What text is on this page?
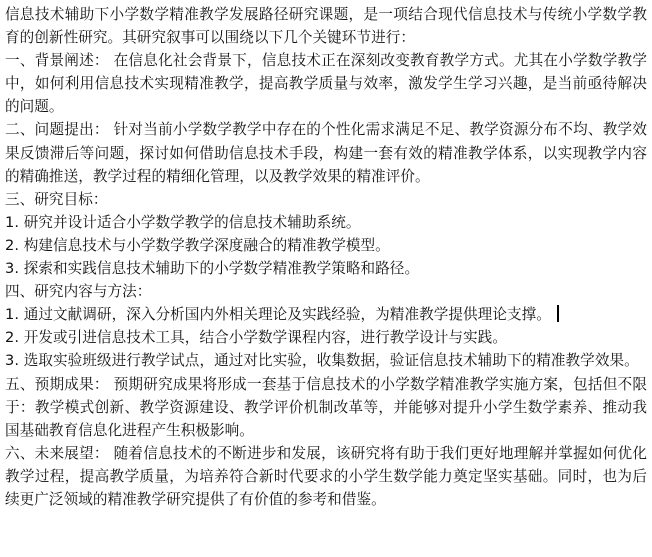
信息技术辅助下小学数学精准教学发展路径研究课题，是一项结合现代信息技术与传统小学数学教育的创新性研究。其研究叙事可以围绕以下几个关键环节进行：

一、背景阐述： 在信息化社会背景下，信息技术正在深刻改变教育教学方式。尤其在小学数学教学中，如何利用信息技术实现精准教学，提高教学质量与效率，激发学生学习兴趣，是当前亟待解决的问题。

二、问题提出： 针对当前小学数学教学中存在的个性化需求满足不足、教学资源分布不均、教学效果反馈滞后等问题，探讨如何借助信息技术手段，构建一套有效的精准教学体系，以实现教学内容的精确推送，教学过程的精细化管理，以及教学效果的精准评价。

三、研究目标：

1. 研究并设计适合小学数学教学的信息技术辅助系统。

2. 构建信息技术与小学数学教学深度融合的精准教学模型。

3. 探索和实践信息技术辅助下的小学数学精准教学策略和路径。

四、研究内容与方法：

1. 通过文献调研，深入分析国内外相关理论及实践经验，为精准教学提供理论支撑。

2. 开发或引进信息技术工具，结合小学数学课程内容，进行教学设计与实践。

3. 选取实验班级进行教学试点，通过对比实验，收集数据，验证信息技术辅助下的精准教学效果。

五、预期成果： 预期研究成果将形成一套基于信息技术的小学数学精准教学实施方案，包括但不限于：教学模式创新、教学资源建设、教学评价机制改革等，并能够对提升小学生数学素养、推动我国基础教育信息化进程产生积极影响。

六、未来展望： 随着信息技术的不断进步和发展，该研究将有助于我们更好地理解并掌握如何优化教学过程，提高教学质量，为培养符合新时代要求的小学生数学能力奠定坚实基础。同时，也为后续更广泛领域的精准教学研究提供了有价值的参考和借鉴。
